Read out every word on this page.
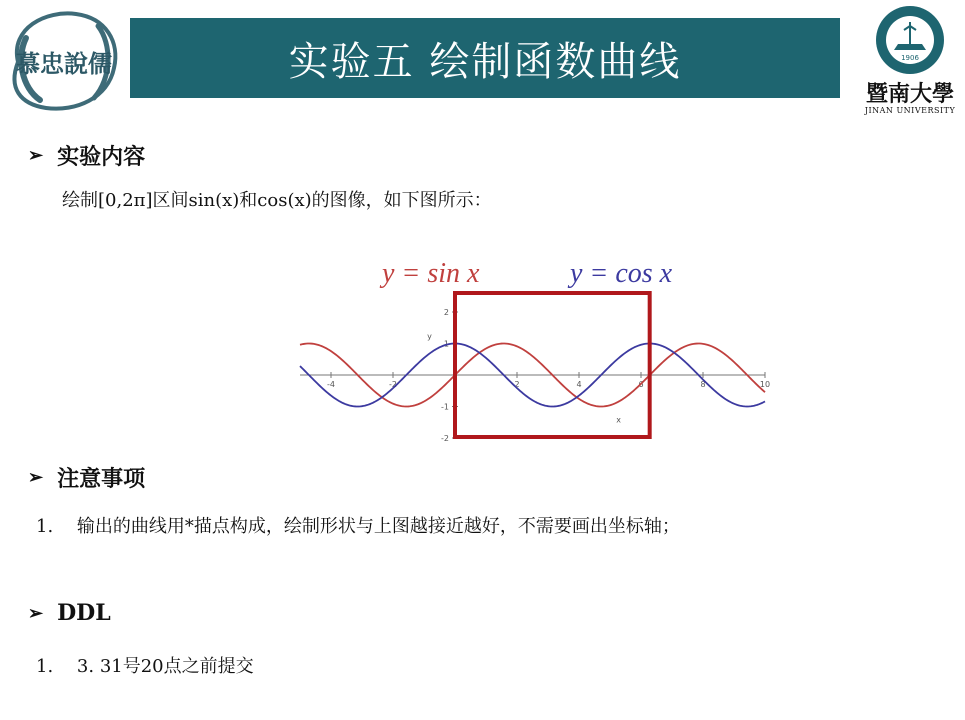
慕忠說儒	实验五 绘制函数曲线	1906
暨南大學
JINAN UNIVERSITY
➢ 实验内容
绘制[0,2π]区间sin(x)和cos(x)的图像，如下图所示：
y = sin x	y = cos x
-4	-2	2	4	6	8	10
2
1
-1
-2
x
y
➢ 注意事项
1. 输出的曲线用*描点构成，绘制形状与上图越接近越好，不需要画出坐标轴；
➢ DDL
1. 3. 31号20点之前提交
